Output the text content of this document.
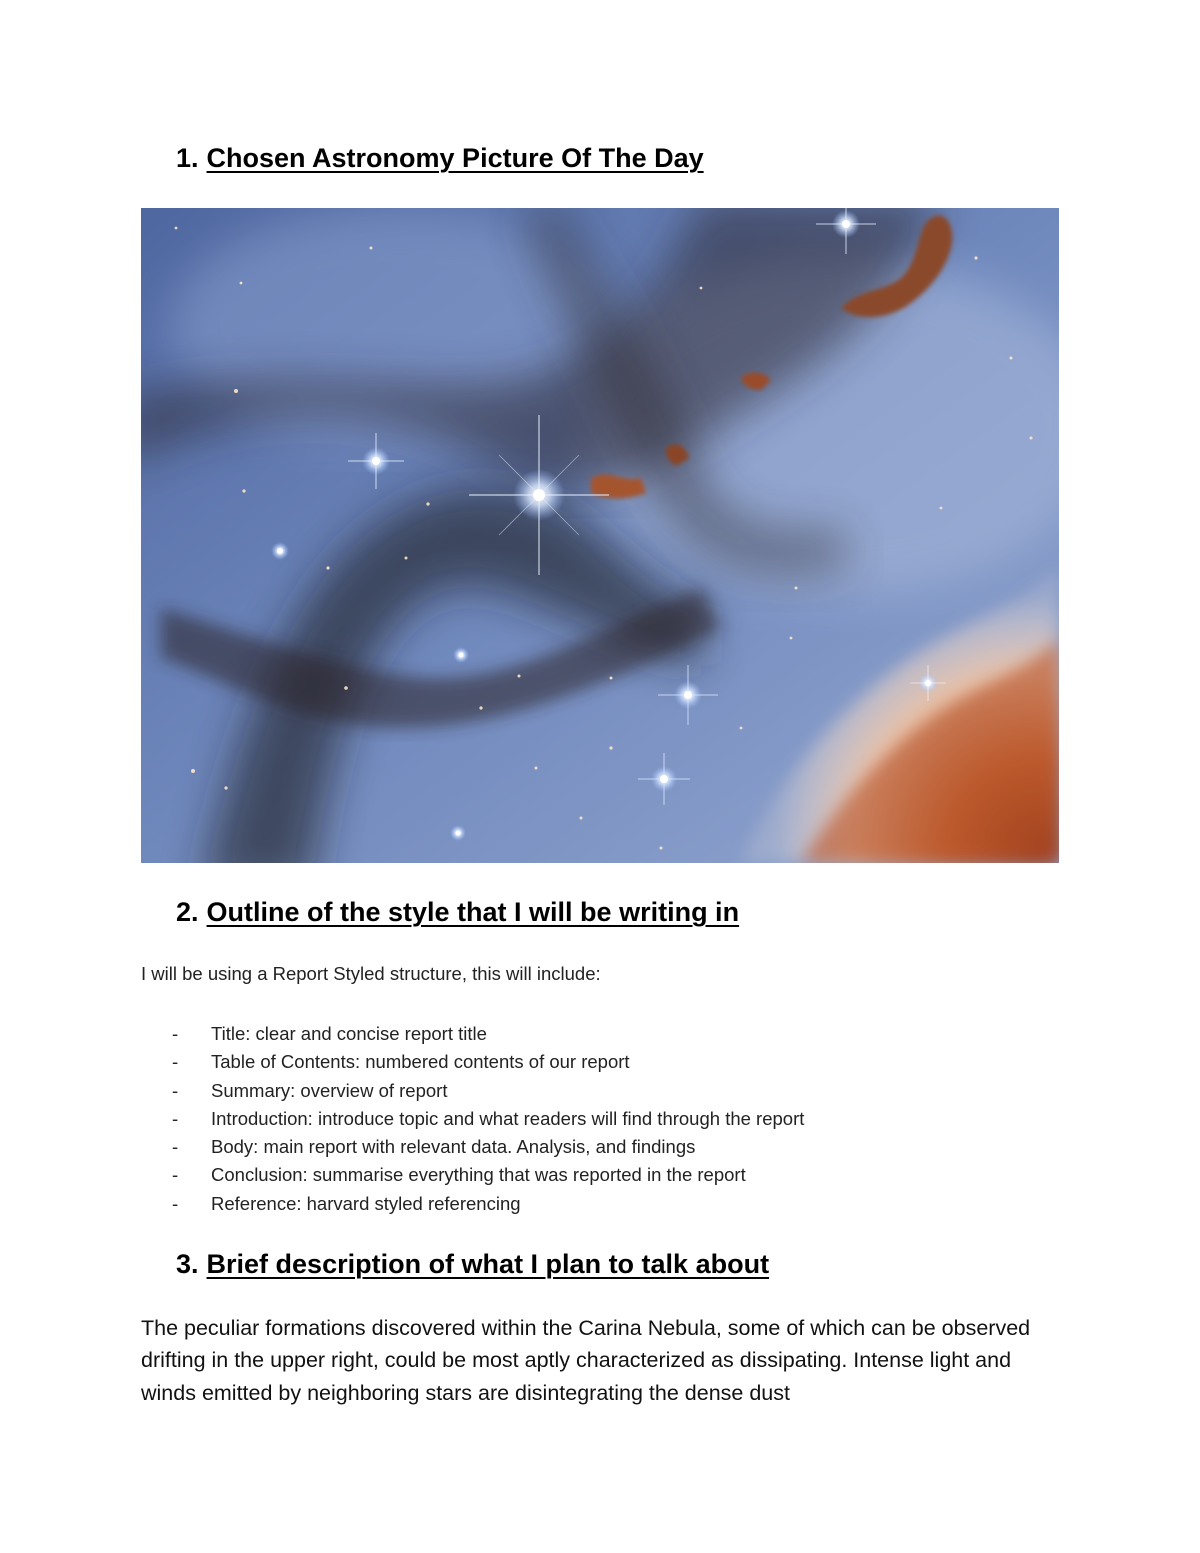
1. Chosen Astronomy Picture Of The Day
2. Outline of the style that I will be writing in

I will be using a Report Styled structure, this will include:

- Title: clear and concise report title
- Table of Contents: numbered contents of our report
- Summary: overview of report
- Introduction: introduce topic and what readers will find through the report
- Body: main report with relevant data. Analysis, and findings
- Conclusion: summarise everything that was reported in the report
- Reference: harvard styled referencing
3. Brief description of what I plan to talk about

The peculiar formations discovered within the Carina Nebula, some of which can be observed drifting in the upper right, could be most aptly characterized as dissipating. Intense light and winds emitted by neighboring stars are disintegrating the dense dust
